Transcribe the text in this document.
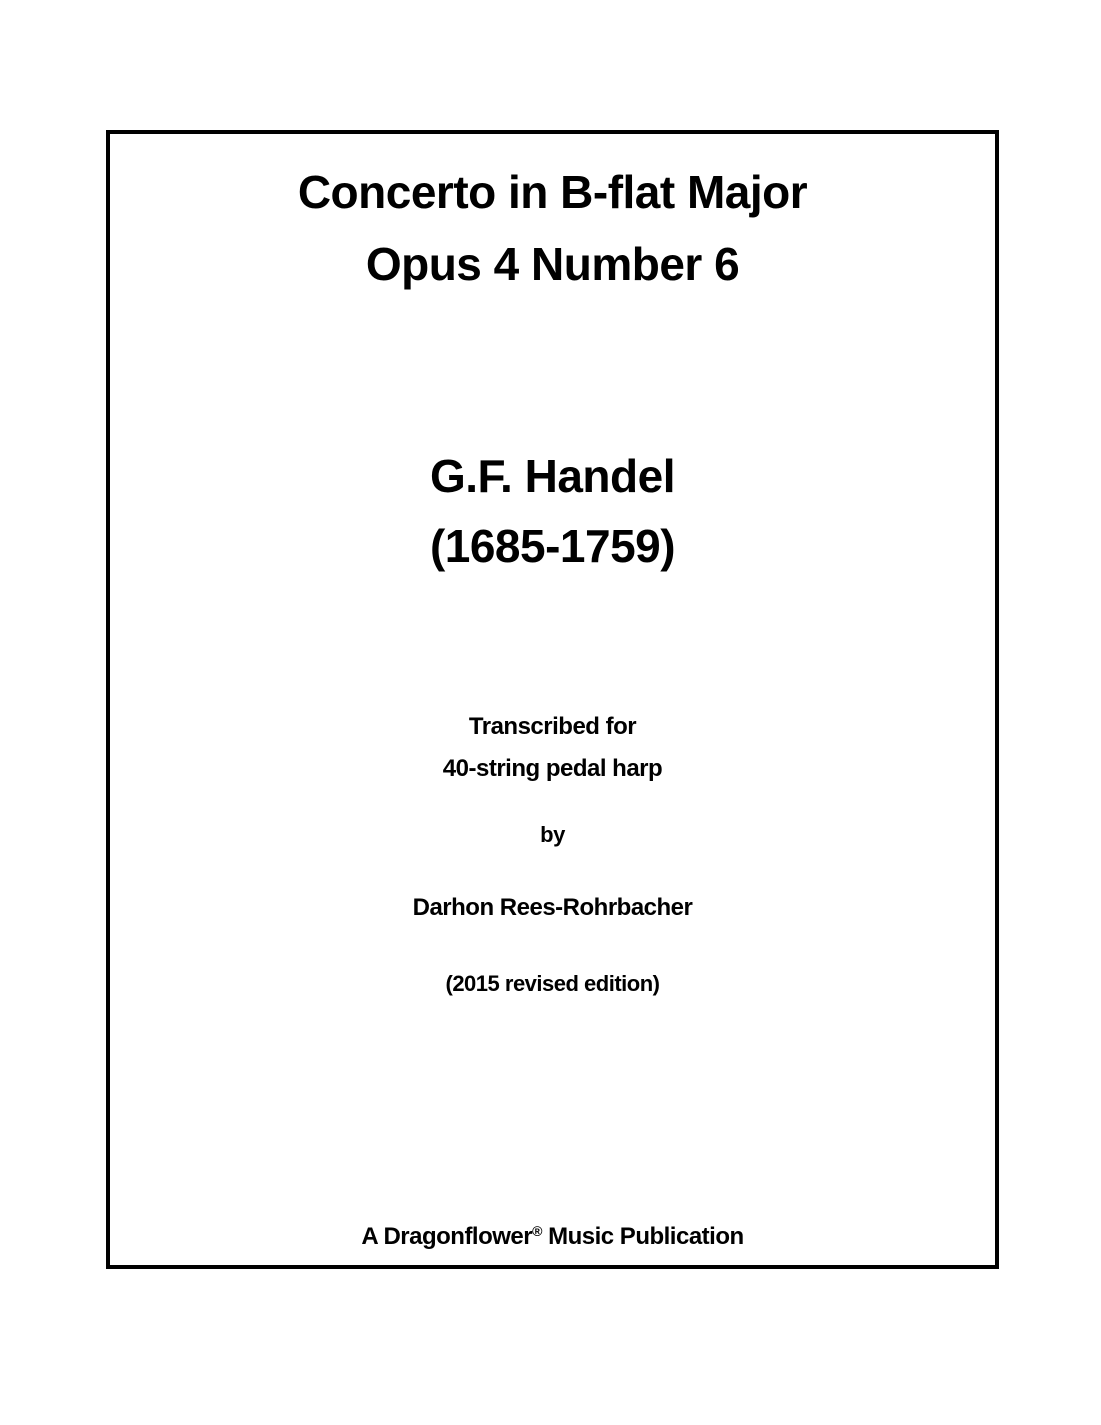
Concerto in B-flat Major
Opus 4 Number 6
G.F. Handel
(1685-1759)
Transcribed for
40-string pedal harp
by
Darhon Rees-Rohrbacher
(2015 revised edition)
A Dragonflower® Music Publication
